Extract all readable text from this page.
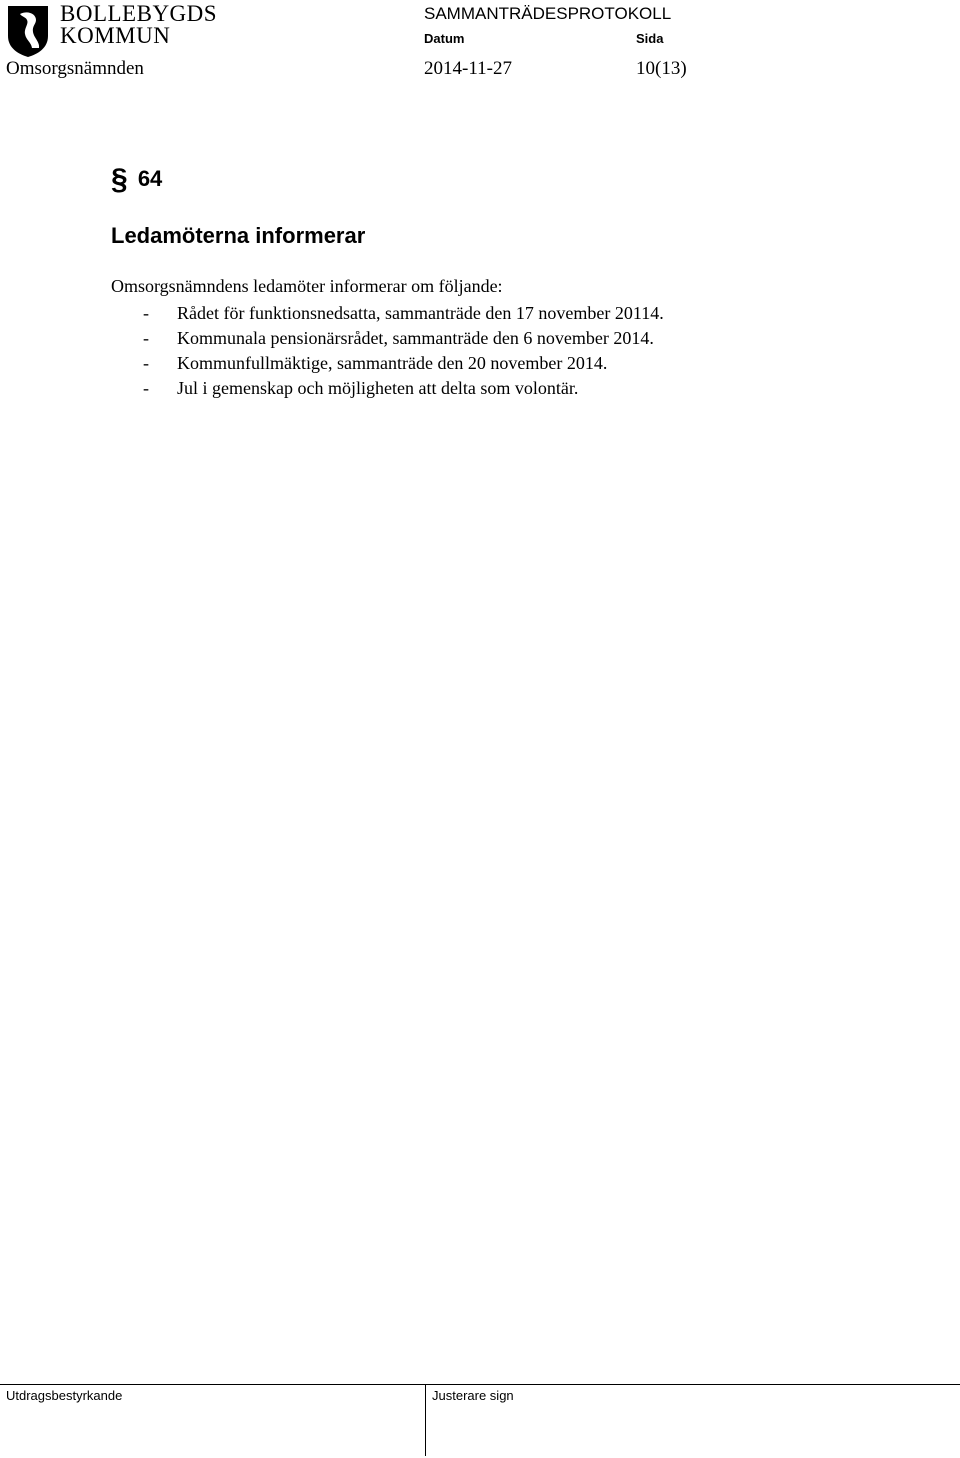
BOLLEBYGDS
KOMMUN
SAMMANTRÄDESPROTOKOLL
Datum	Sida
Omsorgsnämnden	2014-11-27	10(13)
§ 64
Ledamöterna informerar
Omsorgsnämndens ledamöter informerar om följande:
- Rådet för funktionsnedsatta, sammanträde den 17 november 20114.
- Kommunala pensionärsrådet, sammanträde den 6 november 2014.
- Kommunfullmäktige, sammanträde den 20 november 2014.
- Jul i gemenskap och möjligheten att delta som volontär.
Utdragsbestyrkande	Justerare sign
